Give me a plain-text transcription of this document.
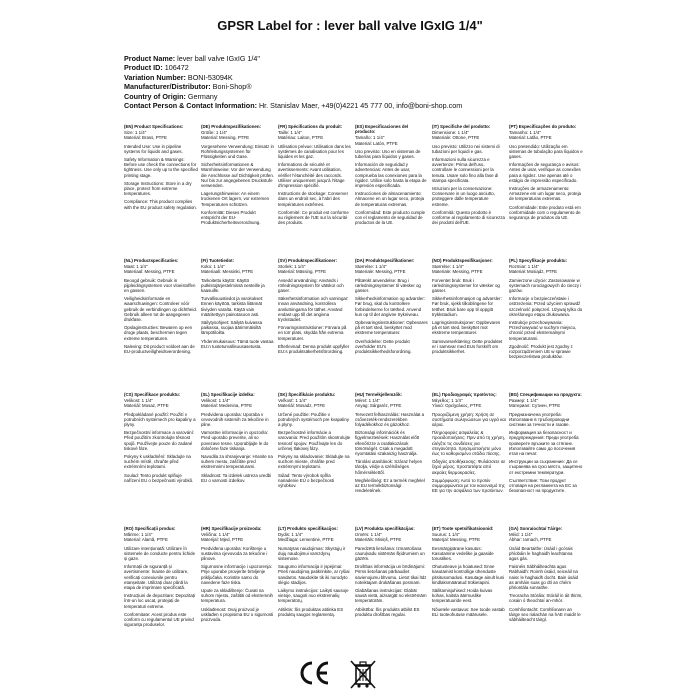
GPSR Label for : lever ball valve IGxIG 1/4"
Product Name: lever ball valve IGxIG 1/4"
Product ID: 106472
Variation Number: BONI-53094K
Manufacturer/Distributor: Boni-Shop®
Country of Origin: Germany
Contact Person & Contact Information: Hr. Stanislav Maer, +49(0)4221 45 777 00, info@boni-shop.com
(EN) Product Specifications:
Size: 1 1/4"
Material: Brass, PTFE
Intended Use: Use in pipeline systems for liquids and gases.
Safety Information & Warnings: Before use check the connections for tightness. Use only up to the specified printing stage.
Storage Instructions: Store in a dry place, protect from extreme temperatures.
Compliance: This product complies with the EU product safety regulation.
(DE) Produktspezifikationen:
Größe: 1 1/4"
Material: Messing, PTFE
Vorgesehene Verwendung: Einsatz in Rohrleitungssystemen für Flüssigkeiten und Gase.
Sicherheitsinformationen & Warnhinweise: Vor der Verwendung die Anschlüsse auf Dichtigkeit prüfen. Nur bis zur angegebenen Druckstufe verwenden.
Lagerungshinweise: An einem trockenen Ort lagern, vor extremen Temperaturen schützen.
Konformität: Dieses Produkt entspricht der EU-Produktsicherheitsverordnung.
(FR) Spécifications du produit:
Taille: 1 1/4"
Matériau: Laiton, PTFE
Utilisation prévue: Utilisation dans les systèmes de canalisation pour les liquides et les gaz.
Informations de sécurité et avertissements: Avant utilisation, vérifier l'étanchéité des raccords. Utiliser uniquement jusqu'à l'étage d'impression spécifié.
Instructions de stockage: Conserver dans un endroit sec, à l'abri des températures extrêmes.
Conformité: Ce produit est conforme au règlement de l'UE sur la sécurité des produits.
(ES) Especificaciones del producto:
Tamaño: 1 1/4"
Material: Latón, PTFE
Uso previsto: Uso en sistemas de tuberías para líquidos y gases.
Información de seguridad y advertencias: Antes de usar, comprueba las conexiones para la rigidez. Utilice solo hasta la etapa de impresión especificada.
Instrucciones de almacenamiento: Almacene en un lugar seco, proteja de temperaturas extremas.
Conformidad: Este producto cumple con el reglamento de seguridad de productos de la UE.
(IT) Specifiche del prodotto:
Dimensione: 1 1/4"
Materiale: Ottone, PTFE
Uso previsto: Utilizzo nei sistemi di tubazioni per liquidi e gas.
Informazioni sulla sicurezza e avvertenze: Prima dell'uso, controllare le connessioni per la tenuta. Usare solo fino alla fase di stampa specificata.
Istruzioni per la conservazione: Conservare in un luogo asciutto, proteggere dalle temperature estreme.
Conformità: Questo prodotto è conforme al regolamento di sicurezza dei prodotti dell'UE.
(PT) Especificações do produto:
Tamanho: 1 1/4"
Material: Latão, PTFE
Uso pretendido: Utilização em sistemas de tubulação para líquidos e gases.
Informações de segurança e avisos: Antes de usar, verifique as conexões para a rigidez. Use apenas até o estágio de impressão especificado.
Instruções de armazenamento: Armazene em um lugar seco, proteja de temperaturas extremas.
Conformidade: Este produto está em conformidade com o regulamento de segurança de produtos da UE.
(NL) Productspecificaties:
Maat: 1 1/4"
Materiaal: Messing, PTFE
Beoogd gebruik: Gebruik in pijpleidingsystemen voor vloeistoffen en gassen.
Veiligheidsinformatie en waarschuwingen: Controleer vóór gebruik de verbindingen op dichtheid. Gebruik alleen tot de aangegeven drukfase.
Opslaginstructies: Bewaren op een droge plaats, beschermen tegen extreme temperaturen.
Naleving: Dit product voldoet aan de EU-productveiligheidsverordening.
(FI) Tuotetiedot:
Koko: 1 1/4"
Materiaali: Messinki, PTFE
Tarkoitettu käyttö: Käyttö putkistojärjestelmissä nesteille ja kaasuille.
Turvallisuustiedot ja varoitukset: Ennen käyttöä, tarkista liitännät tiiviyden varalta. Käytä vain määritettyyn painotasoon asti.
Säilytysohjeet: Säilytä kuivassa paikassa, suojaa äärimmäisiltä lämpötiloilta.
Yhdenmukaisuus: Tämä tuote vastaa EU:n tuoteturvallisuusasetusta.
(SV) Produktspecifikationer:
Storlek: 1 1/4"
Material: Mässing, PTFE
Avsedd användning: Används i rörledningssystem för vätskor och gaser.
Säkerhetsinformation och varningar: Innan användning, kontrollera anslutningarna för täthet. Använd endast upp till det angivna tryckstadiet.
Förvaringsinstruktioner: Förvara på en torr plats, skydda från extrema temperaturer.
Efterlevnad: Denna produkt uppfyller EU:s produktsäkerhetsförordning.
(DA) Produktspecifikationer:
Størrelse: 1 1/4"
Materiale: Messing, PTFE
Påtænkt anvendelse: Brug i rørledningssystemer til væsker og gasser.
Sikkerhedsinformation og advarsler: Før brug, skal du kontrollere forbindelserne for tæthed. Anvend kun op til det angivne trykniveau.
Opbevaringsinstruktioner: Opbevares på et tørt sted, beskyttet mod ekstreme temperaturer.
Overholdelse: Dette produkt overholder EU's produktsikkerhedsforordning.
(NO) Produktspesifikasjoner:
Størrelse: 1 1/4"
Materiale: Messing, PTFE
Forventet bruk: Bruk i rørledningssystemer for væsker og gasser.
Sikkerhetsinformasjon og advarsler: Før bruk, sjekk tilkoblingene for tetthet. Bruk bare opp til oppgitt trykkstadium.
Lagringsinstruksjoner: Oppbevares på et tørt sted, beskyttet mot ekstreme temperaturer.
Samsvarserklæring: Dette produktet er i samsvar med EUs forskrift om produktsikkerhet.
(PL) Specyfikacje produktu:
Rozmiar: 1 1/4"
Materiał: Mosiądz, PTFE
Zamierzone użycie: Zastosowanie w systemach rurociągowych do cieczy i gazów.
Informacje o bezpieczeństwie i ostrzeżenia: Przed użyciem sprawdź szczelność połączeń. Używaj tylko do określonego etapu drukowania.
Instrukcje przechowywania: Przechowywać w suchym miejscu, chronić przed ekstremalnymi temperaturami.
Zgodność: Produkt jest zgodny z rozporządzeniem UE w sprawie bezpieczeństwa produktów.
(CS) Specifikace produktu:
Velikost: 1 1/4"
Materiál: Mosaz, PTFE
Předpokládané použití: Použití v potrubních systémech pro kapaliny a plyny.
Bezpečnostní informace a varování: Před použitím zkontrolujte těsnost spojů. Používejte pouze do zadané tiskové fáze.
Pokyny k uskladnění: Skladujte na suchém místě, chraňte před extrémními teplotami.
Soulad: Tento produkt splňuje nařízení EU o bezpečnosti výrobků.
(SL) Specifikacije izdelka:
Velikost: 1 1/4"
Material: Medenina, PTFE
Predvidena uporaba: Uporaba v cevovodnih sistemih za tekočine in pline.
Varnostne informacije in opozorila: Pred uporabo preverite, ali so povezave tesne. Uporabljajte le do določene faze tiskanja.
Navodila za shranjevanje: Hranite na suhem mestu, zaščitite pred ekstremnimi temperaturami.
Skladnost: Ta izdelek ustreza uredbi EU o varnosti izdelkov.
(SK) Špecifikácie produktu:
Veľkosť: 1 1/4"
Materiál: Mosadz, PTFE
Určené použitie: Použitie v potrubných systémoch pre kvapaliny a plyny.
Bezpečnostné informácie a varovania: Pred použitím skontrolujte tesnosť spojov. Používajte len do určenej tlakovej fázy.
Pokyny na skladovanie: Skladujte na suchom mieste, chráňte pred extrémnymi teplotami.
Súlad: Tento výrobok spĺňa nariadenie EÚ o bezpečnosti výrobkov.
(HU) Termékjellemzők:
Méret: 1 1/4"
Anyag: Sárgaréz, PTFE
Tervezett felhasználás: Használat a csővezeték-rendszerekben folyadékokhoz és gázokhoz.
Biztonsági információk és figyelmeztetések: Használat előtt ellenőrizze a csatlakozások tömörségét. Csak a megadott nyomtatási szakaszig használja.
Tárolási utasítások: Száraz helyen tárolja, védje a szélsőséges hőmérséklettől.
Megfelelőség: Ez a termék megfelel az EU termékbiztonsági rendeletének.
(EL) Προδιαγραφές προϊόντος:
Μέγεθος: 1 1/4"
Υλικό: Ορείχαλκος, PTFE
Προοριζόμενη χρήση: Χρήση σε συστήματα σωληνώσεων για υγρά και αέρια.
Πληροφορίες ασφαλείας & προειδοποιήσεις: Πριν από τη χρήση, ελέγξτε τις συνδέσεις για στεγανότητα. Χρησιμοποιήστε μόνο έως το καθορισμένο στάδιο πίεσης.
Οδηγίες αποθήκευσης: Φυλάσσετε σε ξηρό μέρος, προστατέψτε από ακραίες θερμοκρασίες.
Συμμόρφωση: Αυτό το προϊόν συμμορφώνεται με τον κανονισμό της ΕΕ για την ασφάλεια των προϊόντων.
(BG) Спецификации на продукта:
Размер: 1 1/4"
Материал: Сутиен, PTFE
Предназначена употреба: Използване в тръбопроводни системи за течности и газове.
Информация за безопасност и предупреждения: Преди употреба проверете връзките за стягане. Използвайте само до посочения етап на печат.
Инструкции за съхранение: Да се съхранява на сухо място, защитено от екстремни температури.
Съответствие: Този продукт отговаря на регламента на ЕС за безопасност на продуктите.
(RO) Specificații produs:
Mărime: 1 1/4"
Material: Alamă, PTFE
Utilizare intenționată: Utilizare în sistemele de conducte pentru lichide și gaze.
Informații de siguranță și avertismente: Înainte de utilizare, verificați conexiunile pentru etanșeitate. Utilizați doar până la etapa de imprimare specificată.
Instrucțiuni de depozitare: Depozitați într-un loc uscat, protejați de temperaturi extreme.
Conformitate: Acest produs este conform cu regulamentul UE privind siguranța produselor.
(HR) Specifikacije proizvoda:
Veličina: 1 1/4"
Materijal: Mjed, PTFE
Predviđena uporaba: Korištenje u sustavima cjevovoda za tekućine i plinove.
Sigurnosne informacije i upozorenja: Prije uporabe provjerite brtvljenje priključaka. Koristite samo do navedene faze tiska.
Upute za skladištenje: Čuvati na suhom mjestu, zaštititi od ekstremnih temperatura.
Usklađenost: Ovaj proizvod je usklađen s propisima EU o sigurnosti proizvoda.
(LT) Produkto specifikacijos:
Dydis: 1 1/4"
Medžiaga: Lementinė, PTFE
Numatytas naudojimas: Skystųjų ir dujų naudojimui vamzdynų sistemose.
Saugumo informacija ir įspėjimai: Prieš naudojimą patikrinkite, ar ryšiai sandarūs. Naudokite tik iki nurodyto slėgio stadijos.
Laikymo instrukcijos: Laikyti sausoje vietoje, saugoti nuo ekstremalių temperatūrų.
Atitiktis: Šis produktas atitinka ES produktų saugos reglamentą.
(LV) Produkta specifikācijas:
Izmērs: 1 1/4"
Materiāls: Misiņš, PTFE
Paredzētā lietošana: Izmantošana cauruļvadu sistēmās šķidrumiem un gāzēm.
Drošības informācija un brīdinājumi: Pirms lietošanas pārbaudiet savienojumu blīvumu. Lietot tikai līdz noteiktajam drukāšanas posmam.
Glabāšanas instrukcijas: Glabāt sausā vietā, aizsargāt no ekstrēmām temperatūrām.
Atbilstība: Šis produkts atbilst ES produktu drošības regulai.
(ET) Toote spetsifikatsioonid:
Suurus: 1 1/4"
Materjal: Messing, PTFE
Eesmärgipärane kasutus: Kasutamine vedelike ja gaaside torustikes.
Ohutusteave ja hoiatused: Enne kasutamist kontrollige ühenduste pitsitusomadusi. Kasutage ainult kuni kindlaksmääratud trükietapini.
Säilitamisjuhised: Hoida kuivas kohas, kaitsta äärmuslike temperatuuride eest.
Nõuetele vastavus: See toode vastab ELi tooteohutuse määrusele.
(GA) Sonraíochtaí Táirge:
Méid: 1 1/4"
Ábhar: Iarnach, PTFE
Úsáid Beartaithe: Úsáid i gcórais phíobáin le haghaidh leachtanna agus gás.
Faisnéis Sábháilteachta agus Rabhaidh: Roimh úsáid, seiceáil na naisc le haghaidh docht. Bain úsáid as amháin suas go dtí an chéim phriontála sonraithe.
Treoracha Stórála: Stóráil in áit thirim, cosain ó theochtaí an-mhór.
Comhlíontacht: Comhlíonann an táirge seo rialachán na hAE maidir le sábháilteacht táirgí.
